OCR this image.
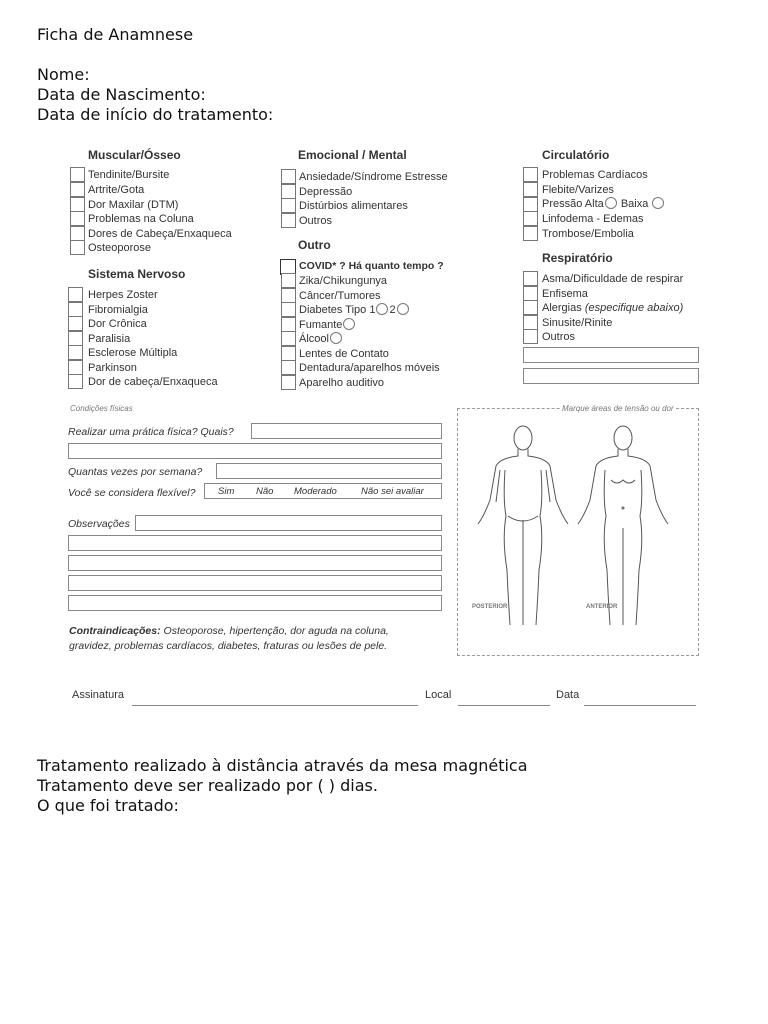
Ficha de Anamnese
Nome:
Data de Nascimento:
Data de início do tratamento:
Muscular/Ósseo
Tendinite/Bursite
Artrite/Gota
Dor Maxilar (DTM)
Problemas na Coluna
Dores de Cabeça/Enxaqueca
Osteoporose
Sistema Nervoso
Herpes Zoster
Fibromialgia
Dor Crônica
Paralisia
Esclerose Múltipla
Parkinson
Dor de cabeça/Enxaqueca
Emocional / Mental
Ansiedade/Síndrome Estresse
Depressão
Distúrbios alimentares
Outros
Outro
COVID* ? Há quanto tempo ?
Zika/Chikungunya
Câncer/Tumores
Diabetes Tipo 1 2
Fumante
Álcool
Lentes de Contato
Dentadura/aparelhos móveis
Aparelho auditivo
Circulatório
Problemas Cardíacos
Flebite/Varizes
Pressão Alta Baixa
Linfodema - Edemas
Trombose/Embolia
Respiratório
Asma/Dificuldade de respirar
Enfisema
Alergias (especifique abaixo)
Sinusite/Rinite
Outros
Condições físicas
Realizar uma prática física? Quais?
Quantas vezes por semana?
Você se considera flexível? Sim Não Moderado	Não sei avaliar
Observações
Contraindicações: Osteoporose, hipertenção, dor aguda na coluna,
gravidez, problemas cardíacos, diabetes, fraturas ou lesões de pele.
Marque áreas de tensão ou dor
POSTERIOR	ANTERIOR
Assinatura	Local	Data
Tratamento realizado à distância através da mesa magnética
Tratamento deve ser realizado por ( ) dias.
O que foi tratado:
